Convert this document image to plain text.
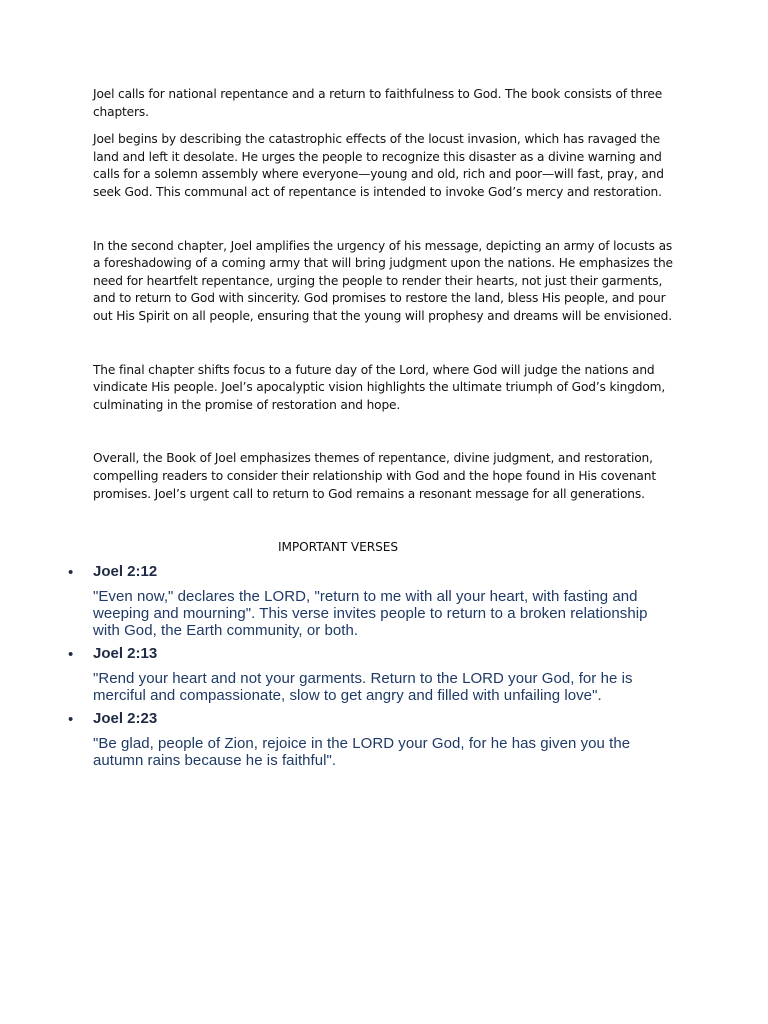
Joel calls for national repentance and a return to faithfulness to God. The book consists of three chapters.

Joel begins by describing the catastrophic effects of the locust invasion, which has ravaged the land and left it desolate. He urges the people to recognize this disaster as a divine warning and calls for a solemn assembly where everyone—young and old, rich and poor—will fast, pray, and seek God. This communal act of repentance is intended to invoke God’s mercy and restoration.

In the second chapter, Joel amplifies the urgency of his message, depicting an army of locusts as a foreshadowing of a coming army that will bring judgment upon the nations. He emphasizes the need for heartfelt repentance, urging the people to render their hearts, not just their garments, and to return to God with sincerity. God promises to restore the land, bless His people, and pour out His Spirit on all people, ensuring that the young will prophesy and dreams will be envisioned.

The final chapter shifts focus to a future day of the Lord, where God will judge the nations and vindicate His people. Joel’s apocalyptic vision highlights the ultimate triumph of God’s kingdom, culminating in the promise of restoration and hope.

Overall, the Book of Joel emphasizes themes of repentance, divine judgment, and restoration, compelling readers to consider their relationship with God and the hope found in His covenant promises. Joel’s urgent call to return to God remains a resonant message for all generations.

IMPORTANT VERSES

• Joel 2:12

"Even now," declares the LORD, "return to me with all your heart, with fasting and weeping and mourning". This verse invites people to return to a broken relationship with God, the Earth community, or both.

• Joel 2:13

"Rend your heart and not your garments. Return to the LORD your God, for he is merciful and compassionate, slow to get angry and filled with unfailing love".

• Joel 2:23

"Be glad, people of Zion, rejoice in the LORD your God, for he has given you the autumn rains because he is faithful".
